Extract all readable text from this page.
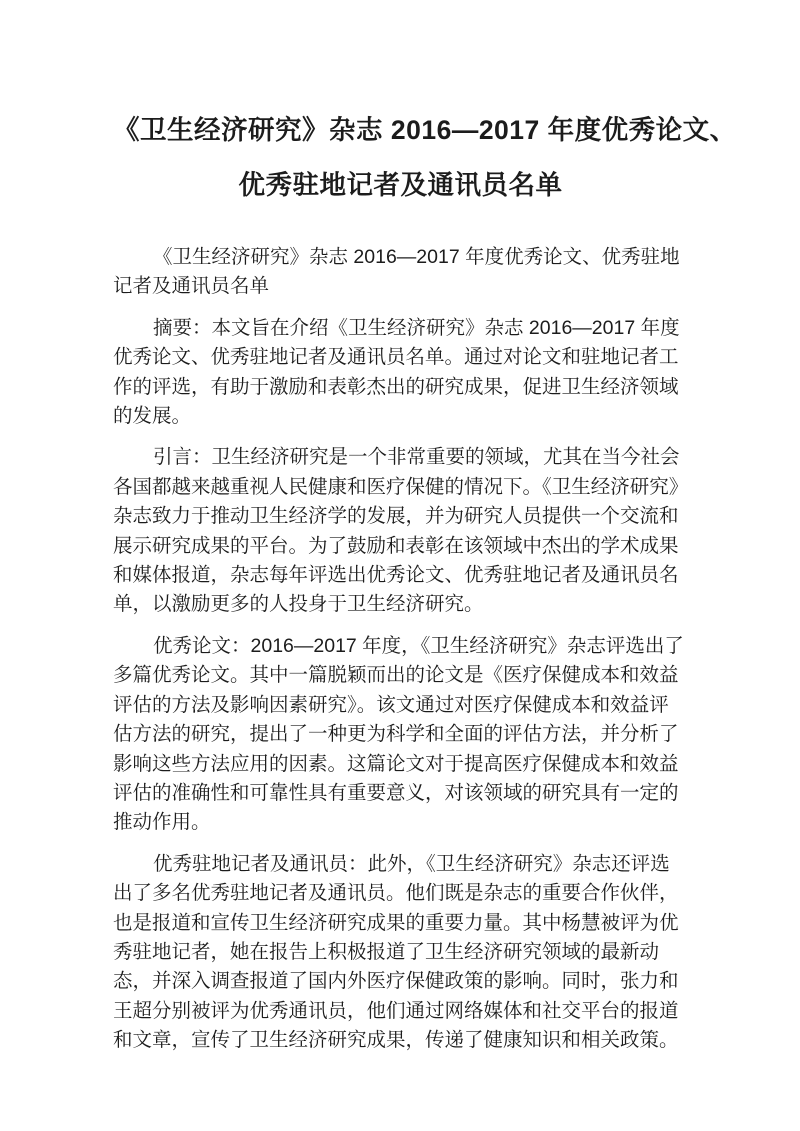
《卫生经济研究》杂志 2016—2017 年度优秀论文、
优秀驻地记者及通讯员名单

《卫生经济研究》杂志 2016—2017 年度优秀论文、优秀驻地记者及通讯员名单

摘要：本文旨在介绍《卫生经济研究》杂志 2016—2017 年度优秀论文、优秀驻地记者及通讯员名单。通过对论文和驻地记者工作的评选，有助于激励和表彰杰出的研究成果，促进卫生经济领域的发展。

引言：卫生经济研究是一个非常重要的领域，尤其在当今社会各国都越来越重视人民健康和医疗保健的情况下。《卫生经济研究》杂志致力于推动卫生经济学的发展，并为研究人员提供一个交流和展示研究成果的平台。为了鼓励和表彰在该领域中杰出的学术成果和媒体报道，杂志每年评选出优秀论文、优秀驻地记者及通讯员名单，以激励更多的人投身于卫生经济研究。

优秀论文：2016—2017 年度，《卫生经济研究》杂志评选出了多篇优秀论文。其中一篇脱颖而出的论文是《医疗保健成本和效益评估的方法及影响因素研究》。该文通过对医疗保健成本和效益评估方法的研究，提出了一种更为科学和全面的评估方法，并分析了影响这些方法应用的因素。这篇论文对于提高医疗保健成本和效益评估的准确性和可靠性具有重要意义，对该领域的研究具有一定的推动作用。

优秀驻地记者及通讯员：此外，《卫生经济研究》杂志还评选出了多名优秀驻地记者及通讯员。他们既是杂志的重要合作伙伴，也是报道和宣传卫生经济研究成果的重要力量。其中杨慧被评为优秀驻地记者，她在报告上积极报道了卫生经济研究领域的最新动态，并深入调查报道了国内外医疗保健政策的影响。同时，张力和王超分别被评为优秀通讯员，他们通过网络媒体和社交平台的报道和文章，宣传了卫生经济研究成果，传递了健康知识和相关政策。
